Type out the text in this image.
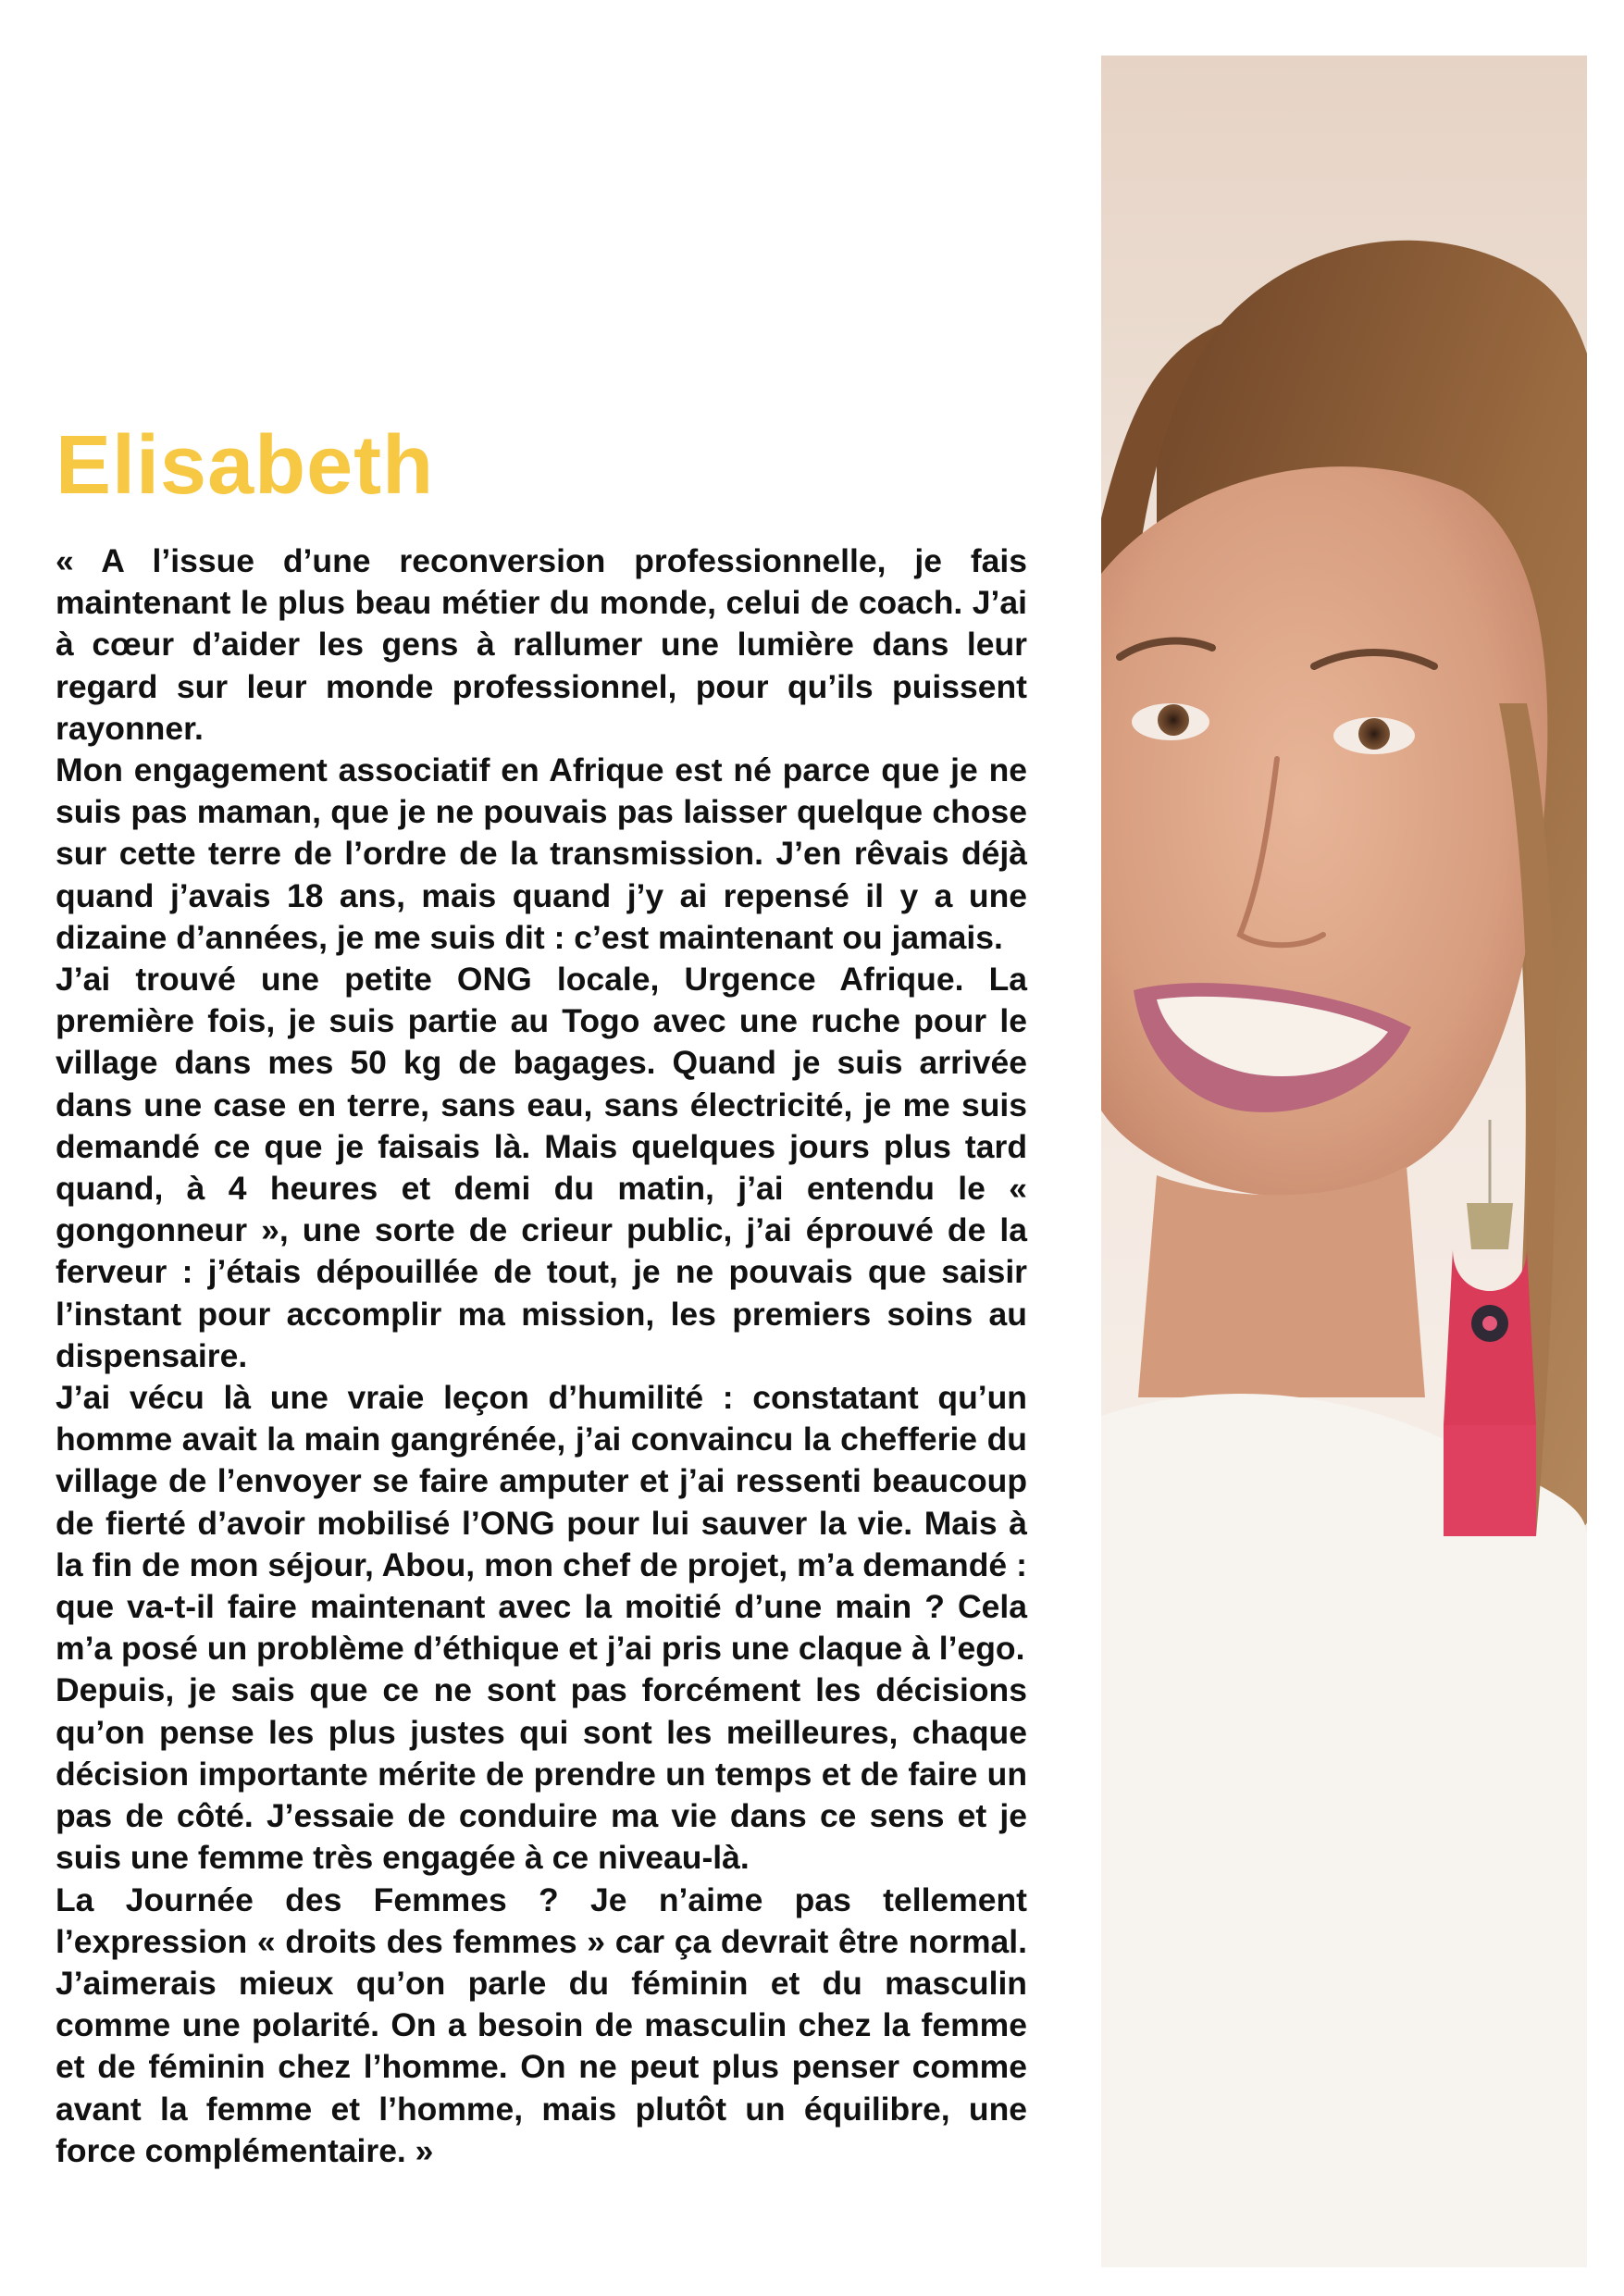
Elisabeth

« A l’issue d’une reconversion professionnelle, je fais maintenant le plus beau métier du monde, celui de coach. J’ai à cœur d’aider les gens à rallumer une lumière dans leur regard sur leur monde professionnel, pour qu’ils puissent rayonner.

Mon engagement associatif en Afrique est né parce que je ne suis pas maman, que je ne pouvais pas laisser quelque chose sur cette terre de l’ordre de la transmission. J’en rêvais déjà quand j’avais 18 ans, mais quand j’y ai repensé il y a une dizaine d’années, je me suis dit : c’est maintenant ou jamais.

J’ai trouvé une petite ONG locale, Urgence Afrique. La première fois, je suis partie au Togo avec une ruche pour le village dans mes 50 kg de bagages. Quand je suis arrivée dans une case en terre, sans eau, sans électricité, je me suis demandé ce que je faisais là. Mais quelques jours plus tard quand, à 4 heures et demi du matin, j’ai entendu le « gongonneur », une sorte de crieur public, j’ai éprouvé de la ferveur : j’étais dépouillée de tout, je ne pouvais que saisir l’instant pour accomplir ma mission, les premiers soins au dispensaire.

J’ai vécu là une vraie leçon d’humilité : constatant qu’un homme avait la main gangrénée, j’ai convaincu la chefferie du village de l’envoyer se faire amputer et j’ai ressenti beaucoup de fierté d’avoir mobilisé l’ONG pour lui sauver la vie. Mais à la fin de mon séjour, Abou, mon chef de projet, m’a demandé : que va-t-il faire maintenant avec la moitié d’une main ? Cela m’a posé un problème d’éthique et j’ai pris une claque à l’ego.

Depuis, je sais que ce ne sont pas forcément les décisions qu’on pense les plus justes qui sont les meilleures, chaque décision importante mérite de prendre un temps et de faire un pas de côté. J’essaie de conduire ma vie dans ce sens et je suis une femme très engagée à ce niveau-là.

La Journée des Femmes ? Je n’aime pas tellement l’expression « droits des femmes » car ça devrait être normal. J’aimerais mieux qu’on parle du féminin et du masculin comme une polarité. On a besoin de masculin chez la femme et de féminin chez l’homme. On ne peut plus penser comme avant la femme et l’homme, mais plutôt un équilibre, une force complémentaire. »
